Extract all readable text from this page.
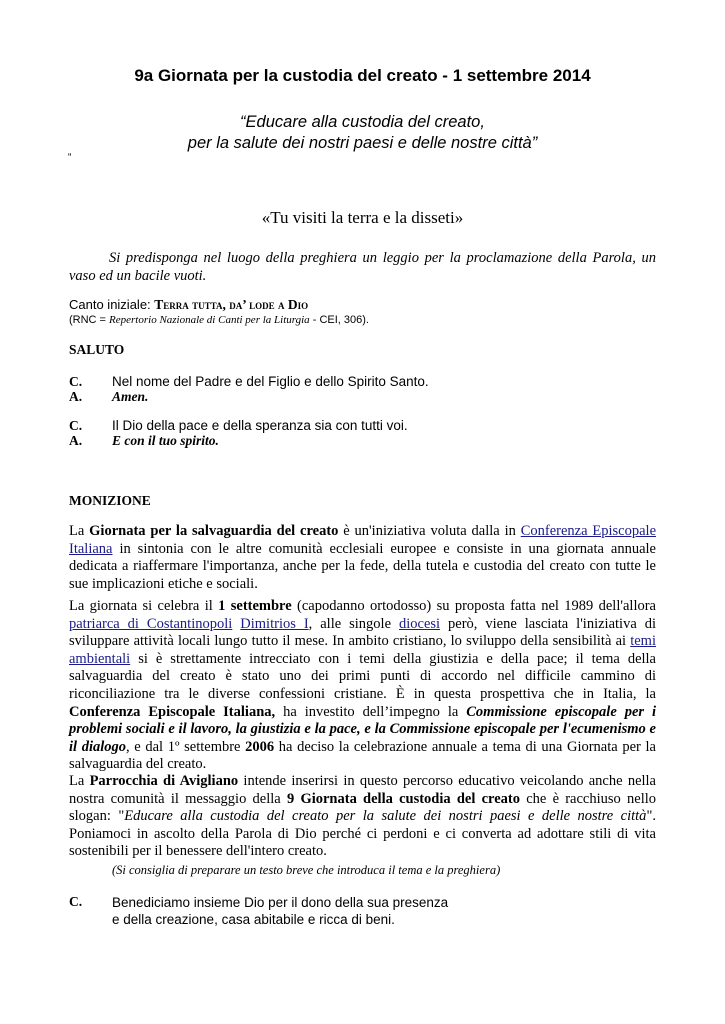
9a Giornata per la custodia del creato - 1 settembre 2014
“Educare alla custodia del creato,
per la salute dei nostri paesi e delle nostre città”
“
«Tu visiti la terra e la disseti»
Si predisponga nel luogo della preghiera un leggio per la proclamazione della Parola, un vaso ed un bacile vuoti.
Canto iniziale: Terra tutta, da’ lode a Dio
(RNC = Repertorio Nazionale di Canti per la Liturgia - CEI, 306).
SALUTO
C. Nel nome del Padre e del Figlio e dello Spirito Santo.
A. Amen.
C. Il Dio della pace e della speranza sia con tutti voi.
A. E con il tuo spirito.
MONIZIONE
La Giornata per la salvaguardia del creato è un'iniziativa voluta dalla in Conferenza Episcopale Italiana in sintonia con le altre comunità ecclesiali europee e consiste in una giornata annuale dedicata a riaffermare l'importanza, anche per la fede, della tutela e custodia del creato con tutte le sue implicazioni etiche e sociali.
La giornata si celebra il 1 settembre (capodanno ortodosso) su proposta fatta nel 1989 dell'allora patriarca di Costantinopoli Dimitrios I, alle singole diocesi però, viene lasciata l'iniziativa di sviluppare attività locali lungo tutto il mese. In ambito cristiano, lo sviluppo della sensibilità ai temi ambientali si è strettamente intrecciato con i temi della giustizia e della pace; il tema della salvaguardia del creato è stato uno dei primi punti di accordo nel difficile cammino di riconciliazione tra le diverse confessioni cristiane. È in questa prospettiva che in Italia, la Conferenza Episcopale Italiana, ha investito dell’impegno la Commissione episcopale per i problemi sociali e il lavoro, la giustizia e la pace, e la Commissione episcopale per l'ecumenismo e il dialogo, e dal 1º settembre 2006 ha deciso la celebrazione annuale a tema di una Giornata per la salvaguardia del creato.
La Parrocchia di Avigliano intende inserirsi in questo percorso educativo veicolando anche nella nostra comunità il messaggio della 9 Giornata della custodia del creato che è racchiuso nello slogan: "Educare alla custodia del creato per la salute dei nostri paesi e delle nostre città". Poniamoci in ascolto della Parola di Dio perché ci perdoni e ci converta ad adottare stili di vita sostenibili per il benessere dell'intero creato.
(Si consiglia di preparare un testo breve che introduca il tema e la preghiera)
C. Benediciamo insieme Dio per il dono della sua presenza
e della creazione, casa abitabile e ricca di beni.
